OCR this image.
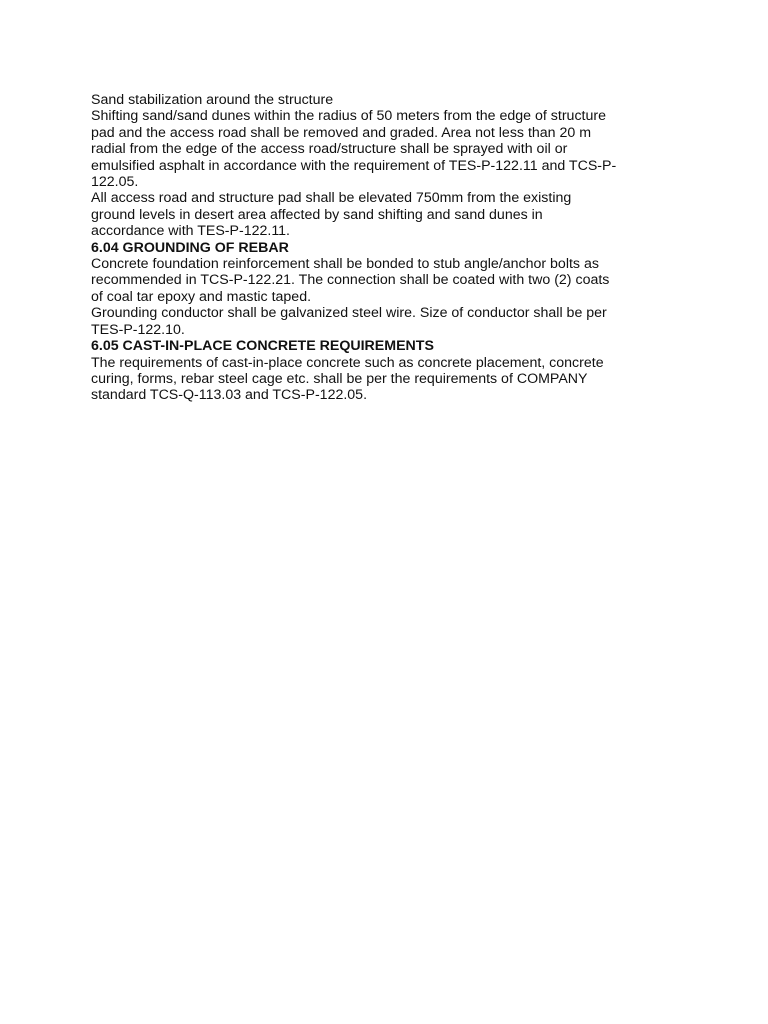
Sand stabilization around the structure
Shifting sand/sand dunes within the radius of 50 meters from the edge of structure
pad and the access road shall be removed and graded. Area not less than 20 m
radial from the edge of the access road/structure shall be sprayed with oil or
emulsified asphalt in accordance with the requirement of TES-P-122.11 and TCS-P-
122.05.
All access road and structure pad shall be elevated 750mm from the existing
ground levels in desert area affected by sand shifting and sand dunes in
accordance with TES-P-122.11.
6.04 GROUNDING OF REBAR
Concrete foundation reinforcement shall be bonded to stub angle/anchor bolts as
recommended in TCS-P-122.21. The connection shall be coated with two (2) coats
of coal tar epoxy and mastic taped.
Grounding conductor shall be galvanized steel wire. Size of conductor shall be per
TES-P-122.10.
6.05 CAST-IN-PLACE CONCRETE REQUIREMENTS
The requirements of cast-in-place concrete such as concrete placement, concrete
curing, forms, rebar steel cage etc. shall be per the requirements of COMPANY
standard TCS-Q-113.03 and TCS-P-122.05.
